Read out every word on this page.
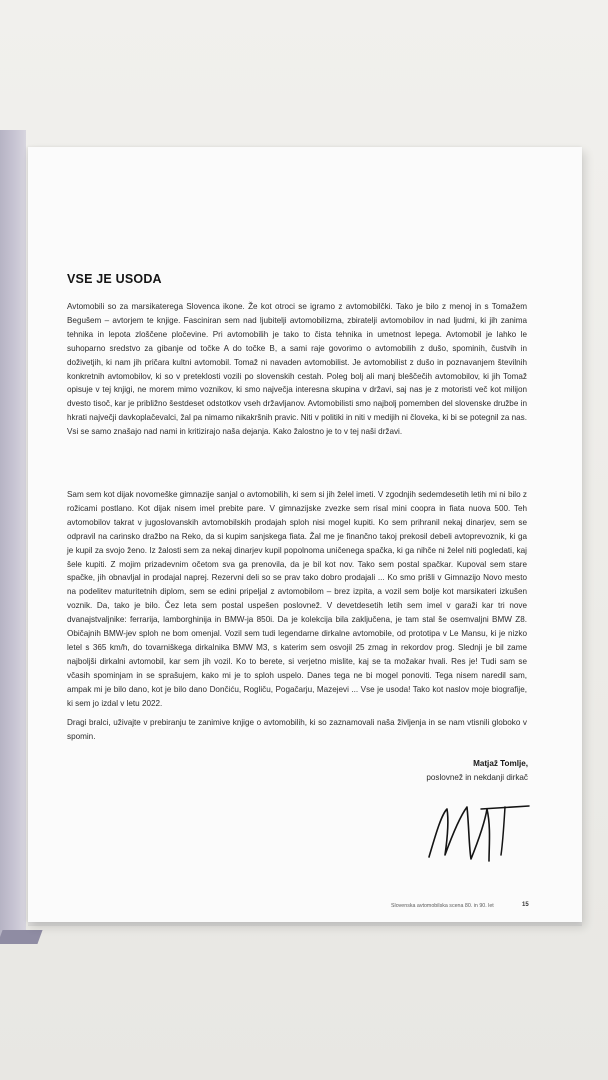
VSE JE USODA
Avtomobili so za marsikaterega Slovenca ikone. Že kot otroci se igramo z avtomobilčki. Tako je bilo z menoj in s Tomažem Begušem – avtorjem te knjige. Fasciniran sem nad ljubitelji avtomobilizma, zbiratelji avtomobilov in nad ljudmi, ki jih zanima tehnika in lepota zloščene pločevine. Pri avtomobilih je tako to čista tehnika in umetnost lepega. Avtomobil je lahko le suhoparno sredstvo za gibanje od točke A do točke B, a sami raje govorimo o avtomobilih z dušo, spominih, čustvih in doživetjih, ki nam jih pričara kultni avtomobil. Tomaž ni navaden avtomobilist. Je avtomobilist z dušo in poznavanjem številnih konkretnih avtomobilov, ki so v preteklosti vozili po slovenskih cestah. Poleg bolj ali manj bleščečih avtomobilov, ki jih Tomaž opisuje v tej knjigi, ne morem mimo voznikov, ki smo največja interesna skupina v državi, saj nas je z motoristi več kot milijon dvesto tisoč, kar je približno šestdeset odstotkov vseh državljanov. Avtomobilisti smo najbolj pomemben del slovenske družbe in hkrati največji davkoplačevalci, žal pa nimamo nikakršnih pravic. Niti v politiki in niti v medijih ni človeka, ki bi se potegnil za nas. Vsi se samo znašajo nad nami in kritizirajo naša dejanja. Kako žalostno je to v tej naši državi.
Sam sem kot dijak novomeške gimnazije sanjal o avtomobilih, ki sem si jih želel imeti. V zgodnjih sedemdesetih letih mi ni bilo z rožicami postlano. Kot dijak nisem imel prebite pare. V gimnazijske zvezke sem risal mini coopra in fiata nuova 500. Teh avtomobilov takrat v jugoslovanskih avtomobilskih prodajah sploh nisi mogel kupiti. Ko sem prihranil nekaj dinarjev, sem se odpravil na carinsko dražbo na Reko, da si kupim sanjskega fiata. Žal me je finančno takoj prekosil debeli avtoprevoznik, ki ga je kupil za svojo ženo. Iz žalosti sem za nekaj dinarjev kupil popolnoma uničenega spačka, ki ga nihče ni želel niti pogledati, kaj šele kupiti. Z mojim prizadevnim očetom sva ga prenovila, da je bil kot nov. Tako sem postal spačkar. Kupoval sem stare spačke, jih obnavljal in prodajal naprej. Rezervni deli so se prav tako dobro prodajali ... Ko smo prišli v Gimnazijo Novo mesto na podelitev maturitetnih diplom, sem se edini pripeljal z avtomobilom – brez izpita, a vozil sem bolje kot marsikateri izkušen voznik. Da, tako je bilo. Čez leta sem postal uspešen poslovnež. V devetdesetih letih sem imel v garaži kar tri nove dvanajstvaljnike: ferrarija, lamborghinija in BMW-ja 850i. Da je kolekcija bila zaključena, je tam stal še osemvaljni BMW Z8. Običajnih BMW-jev sploh ne bom omenjal. Vozil sem tudi legendarne dirkalne avtomobile, od prototipa v Le Mansu, ki je nizko letel s 365 km/h, do tovarniškega dirkalnika BMW M3, s katerim sem osvojil 25 zmag in rekordov prog. Slednji je bil zame najboljši dirkalni avtomobil, kar sem jih vozil. Ko to berete, si verjetno mislite, kaj se ta možakar hvali. Res je! Tudi sam se včasih spominjam in se sprašujem, kako mi je to sploh uspelo. Danes tega ne bi mogel ponoviti. Tega nisem naredil sam, ampak mi je bilo dano, kot je bilo dano Dončiću, Rogliču, Pogačarju, Mazejevi ... Vse je usoda! Tako kot naslov moje biografije, ki sem jo izdal v letu 2022.
Dragi bralci, uživajte v prebiranju te zanimive knjige o avtomobilih, ki so zaznamovali naša življenja in se nam vtisnili globoko v spomin.
Matjaž Tomlje,
poslovnež in nekdanji dirkač
Slovenska avtomobilska scena 80. in 90. let	15
